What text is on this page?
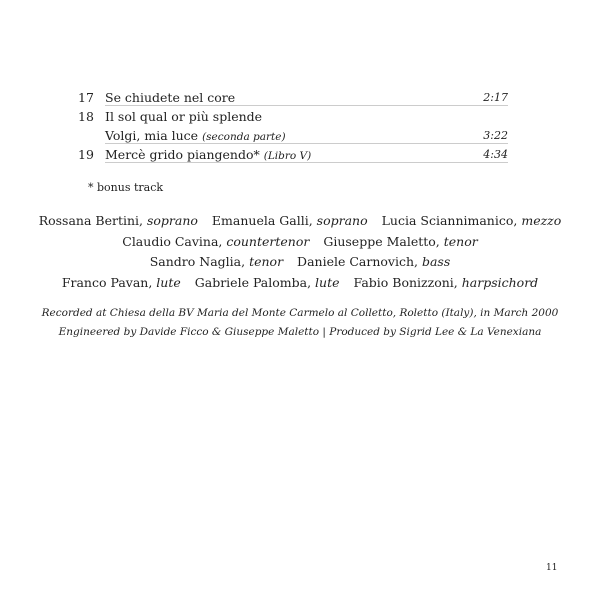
17 Se chiudete nel core	2:17
18 Il sol qual or più splende
Volgi, mia luce (seconda parte)	3:22
19 Mercè grido piangendo* (Libro V)	4:34
* bonus track
Rossana Bertini, soprano Emanuela Galli, soprano Lucia Sciannimanico, mezzo
Claudio Cavina, countertenor Giuseppe Maletto, tenor
Sandro Naglia, tenor Daniele Carnovich, bass
Franco Pavan, lute Gabriele Palomba, lute Fabio Bonizzoni, harpsichord
Recorded at Chiesa della BV Maria del Monte Carmelo al Colletto, Roletto (Italy), in March 2000
Engineered by Davide Ficco & Giuseppe Maletto | Produced by Sigrid Lee & La Venexiana
11
